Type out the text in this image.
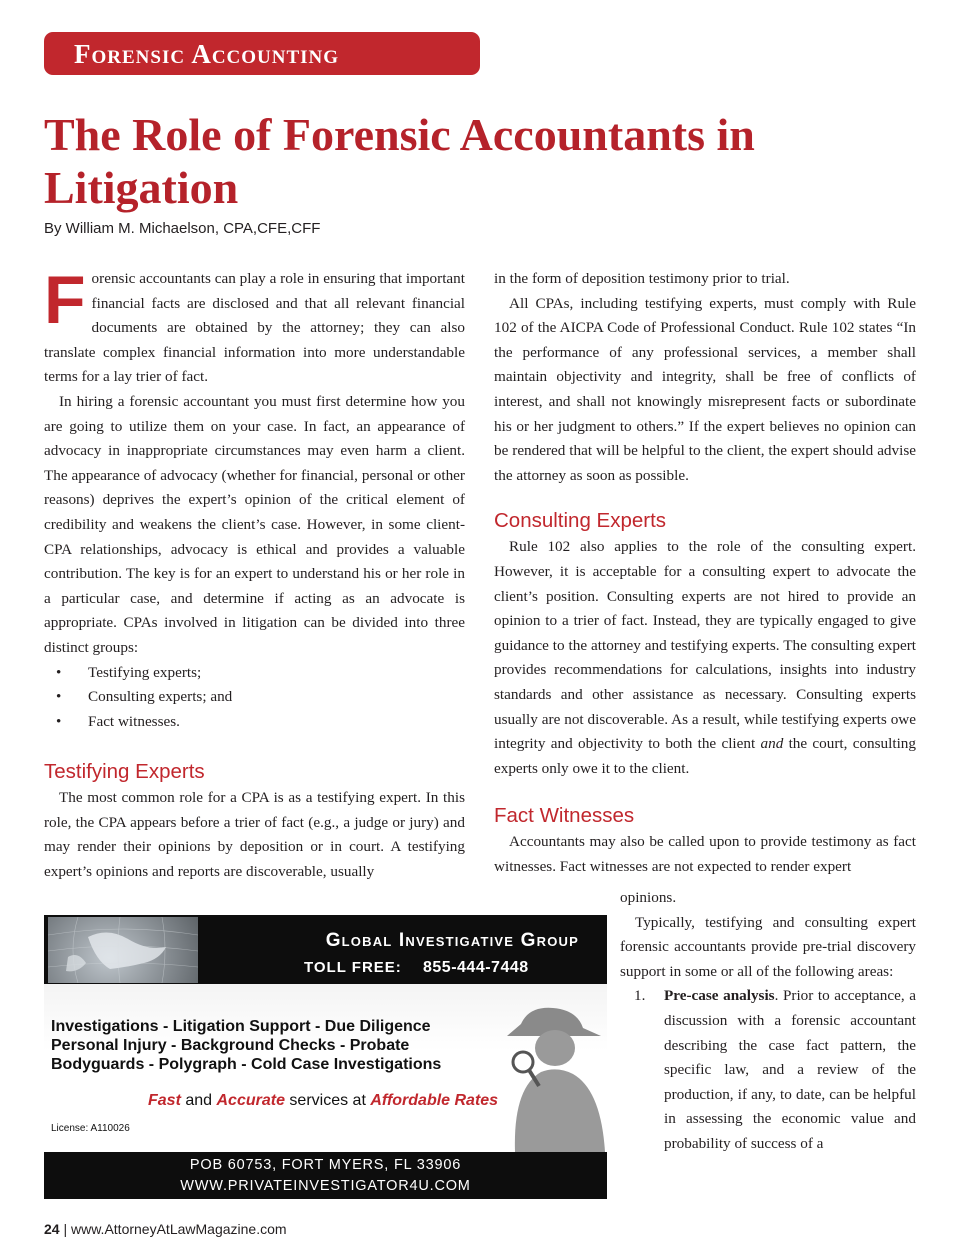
Forensic Accounting
The Role of Forensic Accountants in Litigation
By William M. Michaelson, CPA,CFE,CFF

Forensic accountants can play a role in ensuring that important financial facts are disclosed and that all relevant financial documents are obtained by the attorney; they can also translate complex financial information into more understandable terms for a lay trier of fact.

In hiring a forensic accountant you must first determine how you are going to utilize them on your case. In fact, an appearance of advocacy in inappropriate circumstances may even harm a client. The appearance of advocacy (whether for financial, personal or other reasons) deprives the expert’s opinion of the critical element of credibility and weakens the client’s case. However, in some client-CPA relationships, advocacy is ethical and provides a valuable contribution. The key is for an expert to understand his or her role in a particular case, and determine if acting as an advocate is appropriate. CPAs involved in litigation can be divided into three distinct groups:

• Testifying experts;
• Consulting experts; and
• Fact witnesses.
Testifying Experts

The most common role for a CPA is as a testifying expert. In this role, the CPA appears before a trier of fact (e.g., a judge or jury) and may render their opinions by deposition or in court. A testifying expert’s opinions and reports are discoverable, usually

in the form of deposition testimony prior to trial.

All CPAs, including testifying experts, must comply with Rule 102 of the AICPA Code of Professional Conduct. Rule 102 states “In the performance of any professional services, a member shall maintain objectivity and integrity, shall be free of conflicts of interest, and shall not knowingly misrepresent facts or subordinate his or her judgment to others.” If the expert believes no opinion can be rendered that will be helpful to the client, the expert should advise the attorney as soon as possible.

Consulting Experts

Rule 102 also applies to the role of the consulting expert. However, it is acceptable for a consulting expert to advocate the client’s position. Consulting experts are not hired to provide an opinion to a trier of fact. Instead, they are typically engaged to give guidance to the attorney and testifying experts. The consulting expert provides recommendations for calculations, insights into industry standards and other assistance as necessary. Consulting experts usually are not discoverable. As a result, while testifying experts owe integrity and objectivity to both the client and the court, consulting experts only owe it to the client.

Fact Witnesses

Accountants may also be called upon to provide testimony as fact witnesses. Fact witnesses are not expected to render expert

opinions.

Typically, testifying and consulting expert forensic accountants provide pre-trial discovery support in some or all of the following areas:

1. Pre-case analysis. Prior to acceptance, a discussion with a forensic accountant describing the case fact pattern, the specific law, and a review of the production, if any, to date, can be helpful in assessing the economic value and probability of success of a
Global Investigative Group
TOLL FREE: 855-444-7448
Investigations - Litigation Support - Due Diligence
Personal Injury - Background Checks - Probate
Bodyguards - Polygraph - Cold Case Investigations
Fast and Accurate services at Affordable Rates
License: A110026
POB 60753, FORT MYERS, FL 33906
WWW.PRIVATEINVESTIGATOR4U.COM
24 | www.AttorneyAtLawMagazine.com
